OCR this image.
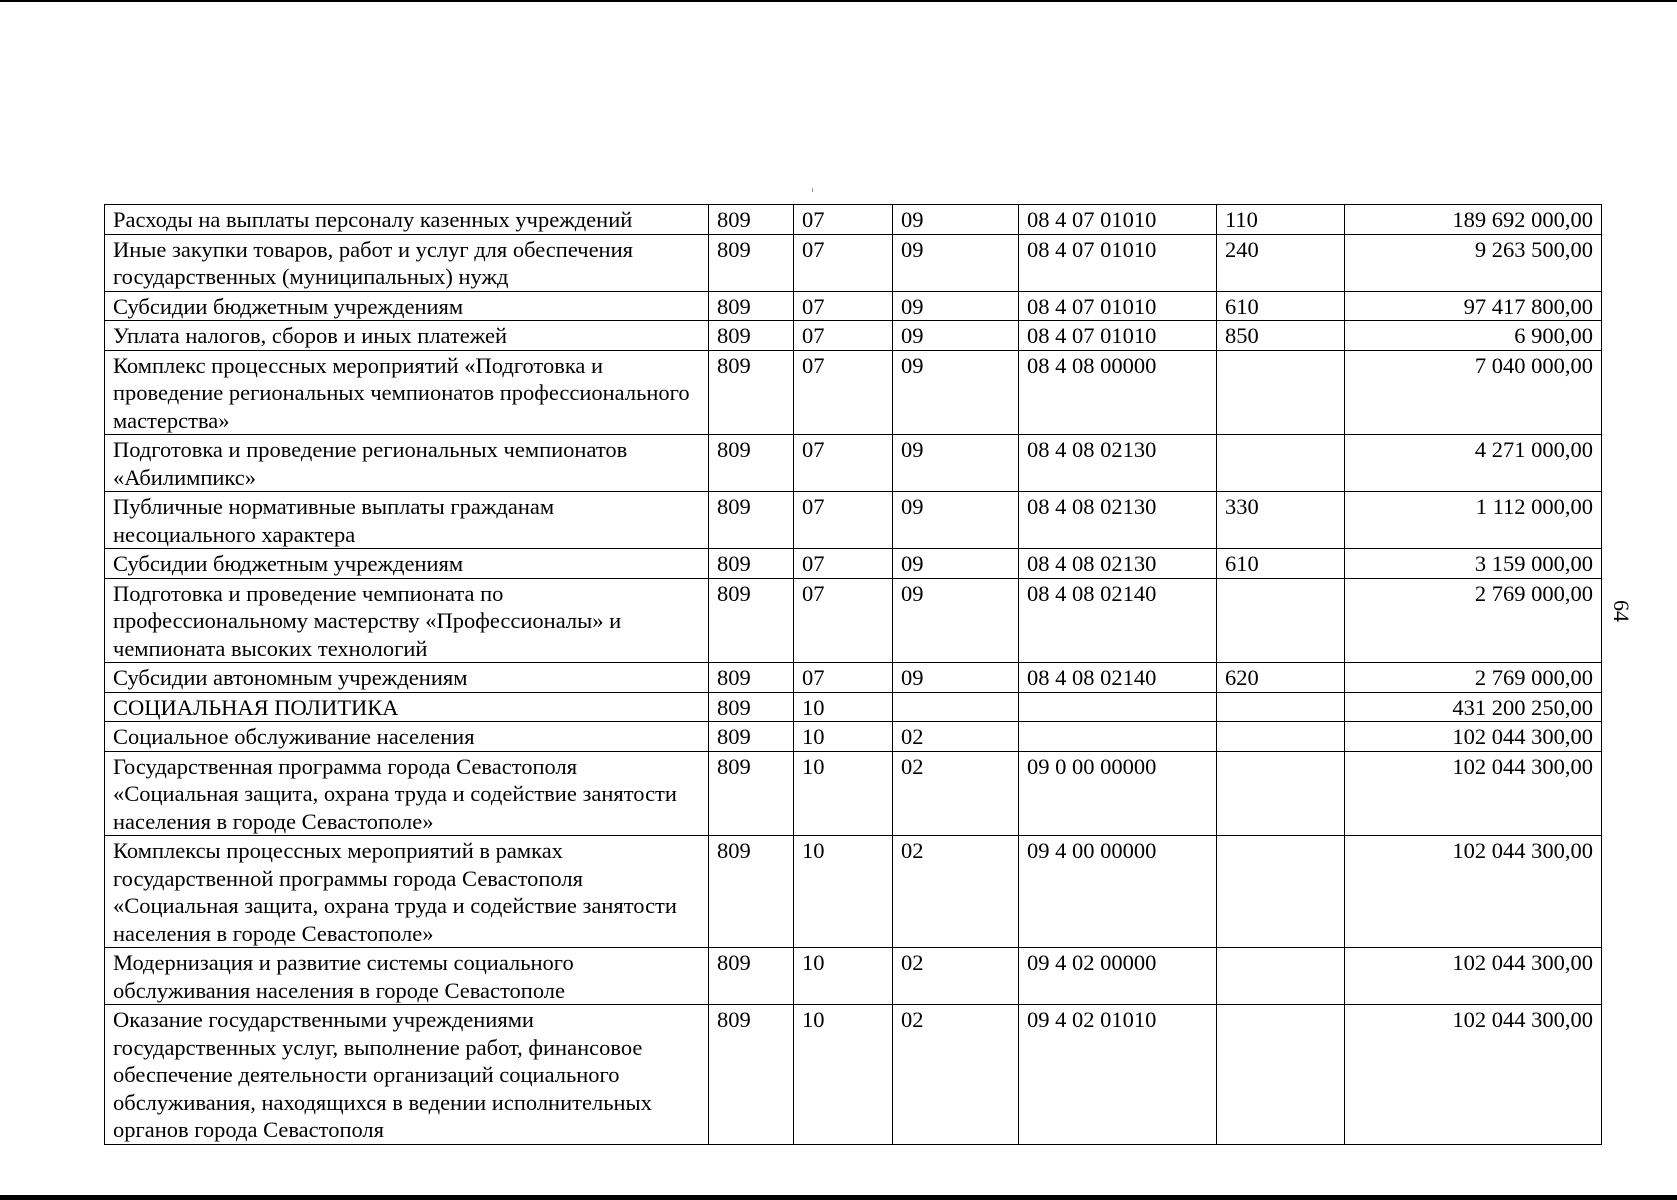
Расходы на выплаты персоналу казенных учреждений	809	07	09	08 4 07 01010	110	189 692 000,00
Иные закупки товаров, работ и услуг для обеспечения государственных (муниципальных) нужд	809	07	09	08 4 07 01010	240	9 263 500,00
Субсидии бюджетным учреждениям	809	07	09	08 4 07 01010	610	97 417 800,00
Уплата налогов, сборов и иных платежей	809	07	09	08 4 07 01010	850	6 900,00
Комплекс процессных мероприятий «Подготовка и проведение региональных чемпионатов профессионального мастерства»	809	07	09	08 4 08 00000		7 040 000,00
Подготовка и проведение региональных чемпионатов «Абилимпикс»	809	07	09	08 4 08 02130		4 271 000,00
Публичные нормативные выплаты гражданам несоциального характера	809	07	09	08 4 08 02130	330	1 112 000,00
Субсидии бюджетным учреждениям	809	07	09	08 4 08 02130	610	3 159 000,00
Подготовка и проведение чемпионата по профессиональному мастерству «Профессионалы» и чемпионата высоких технологий	809	07	09	08 4 08 02140		2 769 000,00
Субсидии автономным учреждениям	809	07	09	08 4 08 02140	620	2 769 000,00
СОЦИАЛЬНАЯ ПОЛИТИКА	809	10				431 200 250,00
Социальное обслуживание населения	809	10	02			102 044 300,00
Государственная программа города Севастополя «Социальная защита, охрана труда и содействие занятости населения в городе Севастополе»	809	10	02	09 0 00 00000		102 044 300,00
Комплексы процессных мероприятий в рамках государственной программы города Севастополя «Социальная защита, охрана труда и содействие занятости населения в городе Севастополе»	809	10	02	09 4 00 00000		102 044 300,00
Модернизация и развитие системы социального обслуживания населения в городе Севастополе	809	10	02	09 4 02 00000		102 044 300,00
Оказание государственными учреждениями государственных услуг, выполнение работ, финансовое обеспечение деятельности организаций социального обслуживания, находящихся в ведении исполнительных органов города Севастополя	809	10	02	09 4 02 01010		102 044 300,00
64
